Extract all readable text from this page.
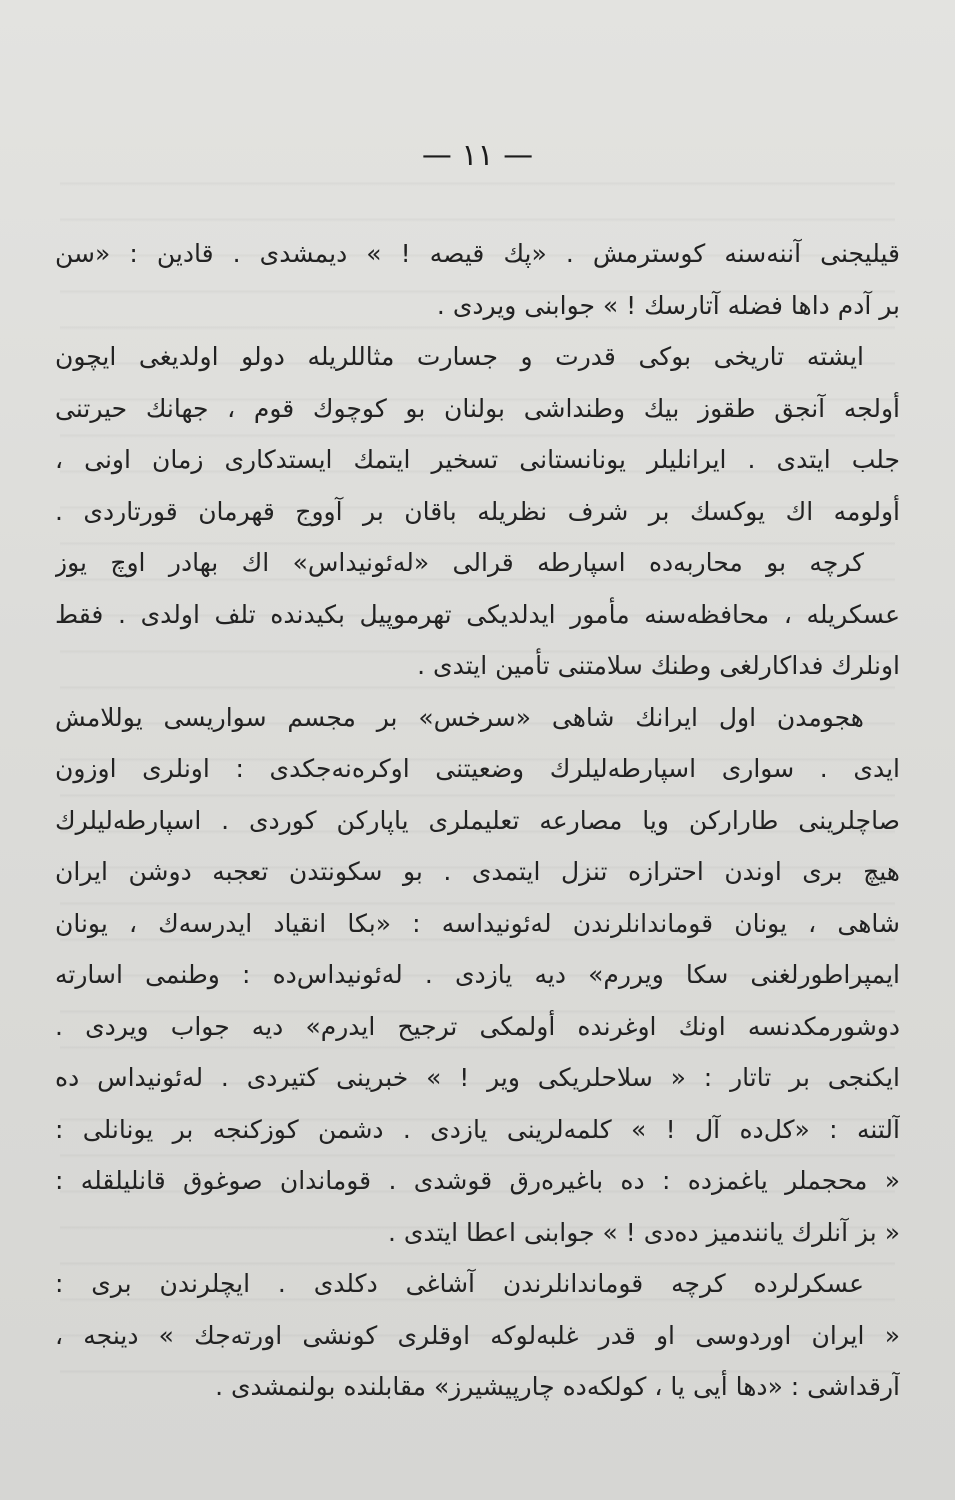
— ۱۱ —
قیلیجنی آننه‌سنه کوسترمش . «پك قیصه ! » دیمشدی . قادین : «سن
بر آدم داها فضله آتارسك ! » جوابنی ویردی .
ایشته تاریخی بوکی قدرت و جسارت مثاللریله دولو اولدیغی ایچون
أولجه آنجق طقوز بیك وطنداشی بولنان بو کوچوك قوم ، جهانك حیرتنی
جلب ایتدی . ایرانلیلر یونانستانی تسخیر ایتمك ایستدکاری زمان اونی ،
أولومه اك یوکسك بر شرف نظریله باقان بر آووج قهرمان قورتاردی .
کرچه بو محاربه‌ده اسپارطه قرالی «له‌ئونیداس» اك بهادر اوچ یوز
عسکریله ، محافظه‌سنه مأمور ایدلدیکی تهرموپیل بکیدنده تلف اولدی . فقط
اونلرك فداکارلغی وطنك سلامتنی تأمین ایتدی .
هجومدن اول ایرانك شاهی «سرخس» بر مجسم سواریسی یوللامش
ایدی . سواری اسپارطه‌لیلرك وضعیتنی اوکره‌نه‌جکدی : اونلری اوزون
صاچلرینی طاراركن ویا مصارعه تعلیملری یاپاركن کوردی . اسپارطه‌لیلرك
هیچ بری اوندن احترازه تنزل ایتمدی . بو سکونتدن تعجبه دوشن ایران
شاهی ، یونان قوماندانلرندن له‌ئونیداسه : «بکا انقیاد ایدرسه‌ك ، یونان
ایمپراطورلغنی سکا ویررم» دیه یازدی . له‌ئونیداس‌ده : وطنمی اسارته
دوشورمکدنسه اونك اوغرنده أولمکی ترجیح ایدرم» دیه جواب ویردی .
ایکنجی بر تاتار : « سلاحلریکی ویر ! » خبرینی کتیردی . له‌ئونیداس ده
آلتنه : «کل‌ده آل ! » کلمه‌لرینی یازدی . دشمن کوزکنجه بر یونانلی :
« محجملر یاغمزده : ده باغیره‌رق قوشدی . قوماندان صوغوق قانلیلقله :
« بز آنلرك یانندمیز ده‌دی ! » جوابنی اعطا ایتدی .
عسکرلرده کرچه قوماندانلرندن آشاغی دکلدی . ایچلرندن بری :
« ایران اوردوسی او قدر غلبه‌لوکه اوقلری کونشی اورته‌جك » دینجه ،
آرقداشی : «دها أیی یا ، کولکه‌ده چارپیشیرز» مقابلنده بولنمشدی .
